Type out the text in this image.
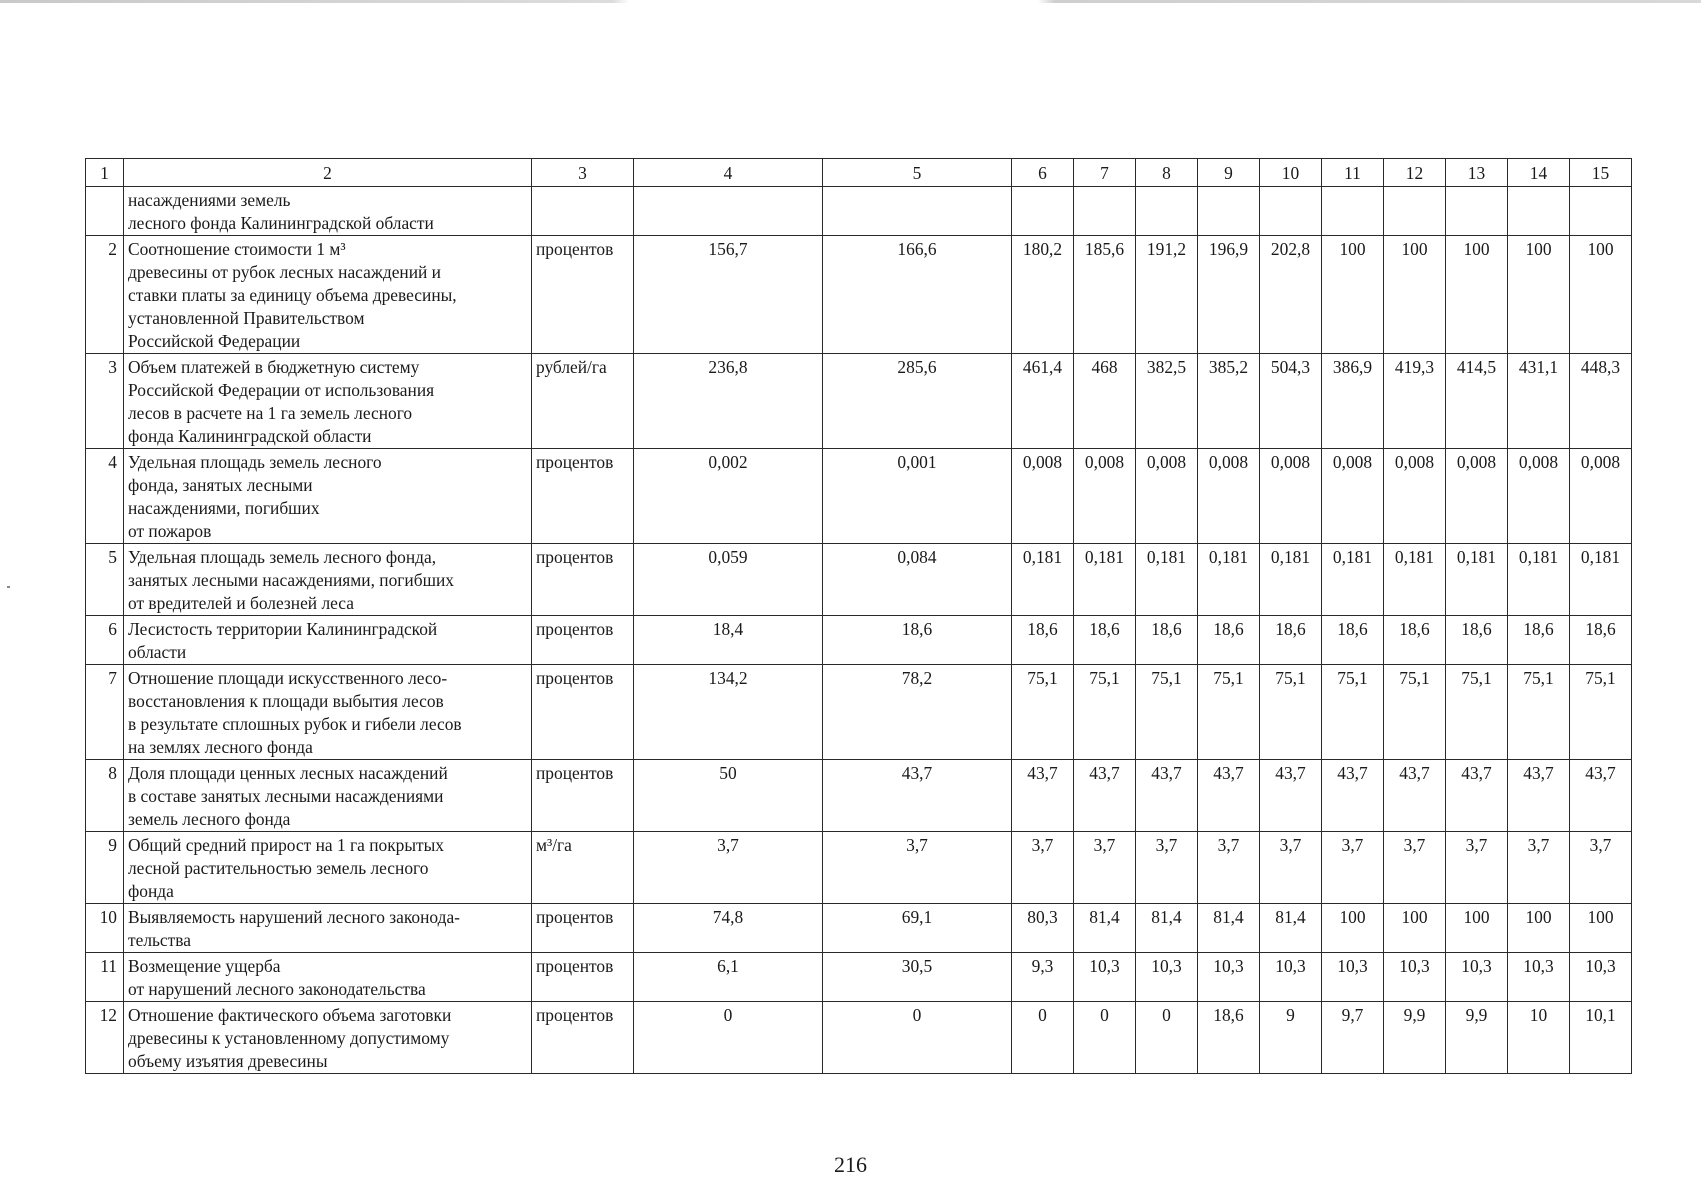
1	2	3	4	5	6	7	8	9	10	11	12	13	14	15

	насаждениями земель
лесного фонда Калининградской области													

2	Соотношение стоимости 1 м³
древесины от рубок лесных насаждений и
ставки платы за единицу объема древесины,
установленной Правительством
Российской Федерации	процентов	156,7	166,6	180,2	185,6	191,2	196,9	202,8	100	100	100	100	100
3	Объем платежей в бюджетную систему
Российской Федерации от использования
лесов в расчете на 1 га земель лесного
фонда Калининградской области	рублей/га	236,8	285,6	461,4	468	382,5	385,2	504,3	386,9	419,3	414,5	431,1	448,3
4	Удельная площадь земель лесного
фонда, занятых лесными
насаждениями, погибших
от пожаров	процентов	0,002	0,001	0,008	0,008	0,008	0,008	0,008	0,008	0,008	0,008	0,008	0,008
5	Удельная площадь земель лесного фонда,
занятых лесными насаждениями, погибших
от вредителей и болезней леса	процентов	0,059	0,084	0,181	0,181	0,181	0,181	0,181	0,181	0,181	0,181	0,181	0,181
6	Лесистость территории Калининградской
области	процентов	18,4	18,6	18,6	18,6	18,6	18,6	18,6	18,6	18,6	18,6	18,6	18,6
7	Отношение площади искусственного лесо-
восстановления к площади выбытия лесов
в результате сплошных рубок и гибели лесов
на землях лесного фонда	процентов	134,2	78,2	75,1	75,1	75,1	75,1	75,1	75,1	75,1	75,1	75,1	75,1
8	Доля площади ценных лесных насаждений
в составе занятых лесными насаждениями
земель лесного фонда	процентов	50	43,7	43,7	43,7	43,7	43,7	43,7	43,7	43,7	43,7	43,7	43,7
9	Общий средний прирост на 1 га покрытых
лесной растительностью земель лесного
фонда	м³/га	3,7	3,7	3,7	3,7	3,7	3,7	3,7	3,7	3,7	3,7	3,7	3,7
10	Выявляемость нарушений лесного законода-
тельства	процентов	74,8	69,1	80,3	81,4	81,4	81,4	81,4	100	100	100	100	100
11	Возмещение ущерба
от нарушений лесного законодательства	процентов	6,1	30,5	9,3	10,3	10,3	10,3	10,3	10,3	10,3	10,3	10,3	10,3
12	Отношение фактического объема заготовки
древесины к установленному допустимому
объему изъятия древесины	процентов	0	0	0	0	0	18,6	9	9,7	9,9	9,9	10	10,1
216
